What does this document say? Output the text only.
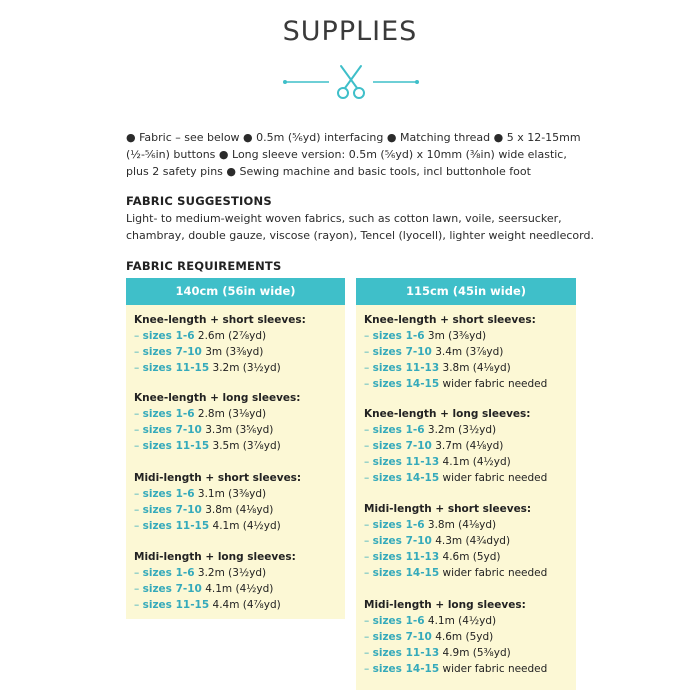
SUPPLIES
● Fabric – see below ● 0.5m (⅚yd) interfacing ● Matching thread ● 5 x 12-15mm
(½-⅚in) buttons ● Long sleeve version: 0.5m (⅚yd) x 10mm (⅜in) wide elastic,
plus 2 safety pins ● Sewing machine and basic tools, incl buttonhole foot
FABRIC SUGGESTIONS
Light- to medium-weight woven fabrics, such as cotton lawn, voile, seersucker,
chambray, double gauze, viscose (rayon), Tencel (lyocell), lighter weight needlecord.
FABRIC REQUIREMENTS
140cm (56in wide)
Knee-length + short sleeves:
– sizes 1-6 2.6m (2⅞yd)
– sizes 7-10 3m (3⅜yd)
– sizes 11-15 3.2m (3½yd)
Knee-length + long sleeves:
– sizes 1-6 2.8m (3⅛yd)
– sizes 7-10 3.3m (3⅚yd)
– sizes 11-15 3.5m (3⅞yd)
Midi-length + short sleeves:
– sizes 1-6 3.1m (3⅜yd)
– sizes 7-10 3.8m (4⅛yd)
– sizes 11-15 4.1m (4½yd)
Midi-length + long sleeves:
– sizes 1-6 3.2m (3½yd)
– sizes 7-10 4.1m (4½yd)
– sizes 11-15 4.4m (4⅞yd)
115cm (45in wide)
Knee-length + short sleeves:
– sizes 1-6 3m (3⅜yd)
– sizes 7-10 3.4m (3⅞yd)
– sizes 11-13 3.8m (4⅛yd)
– sizes 14-15 wider fabric needed
Knee-length + long sleeves:
– sizes 1-6 3.2m (3½yd)
– sizes 7-10 3.7m (4⅛yd)
– sizes 11-13 4.1m (4½yd)
– sizes 14-15 wider fabric needed
Midi-length + short sleeves:
– sizes 1-6 3.8m (4⅛yd)
– sizes 7-10 4.3m (4¾dyd)
– sizes 11-13 4.6m (5yd)
– sizes 14-15 wider fabric needed
Midi-length + long sleeves:
– sizes 1-6 4.1m (4½yd)
– sizes 7-10 4.6m (5yd)
– sizes 11-13 4.9m (5⅜yd)
– sizes 14-15 wider fabric needed
